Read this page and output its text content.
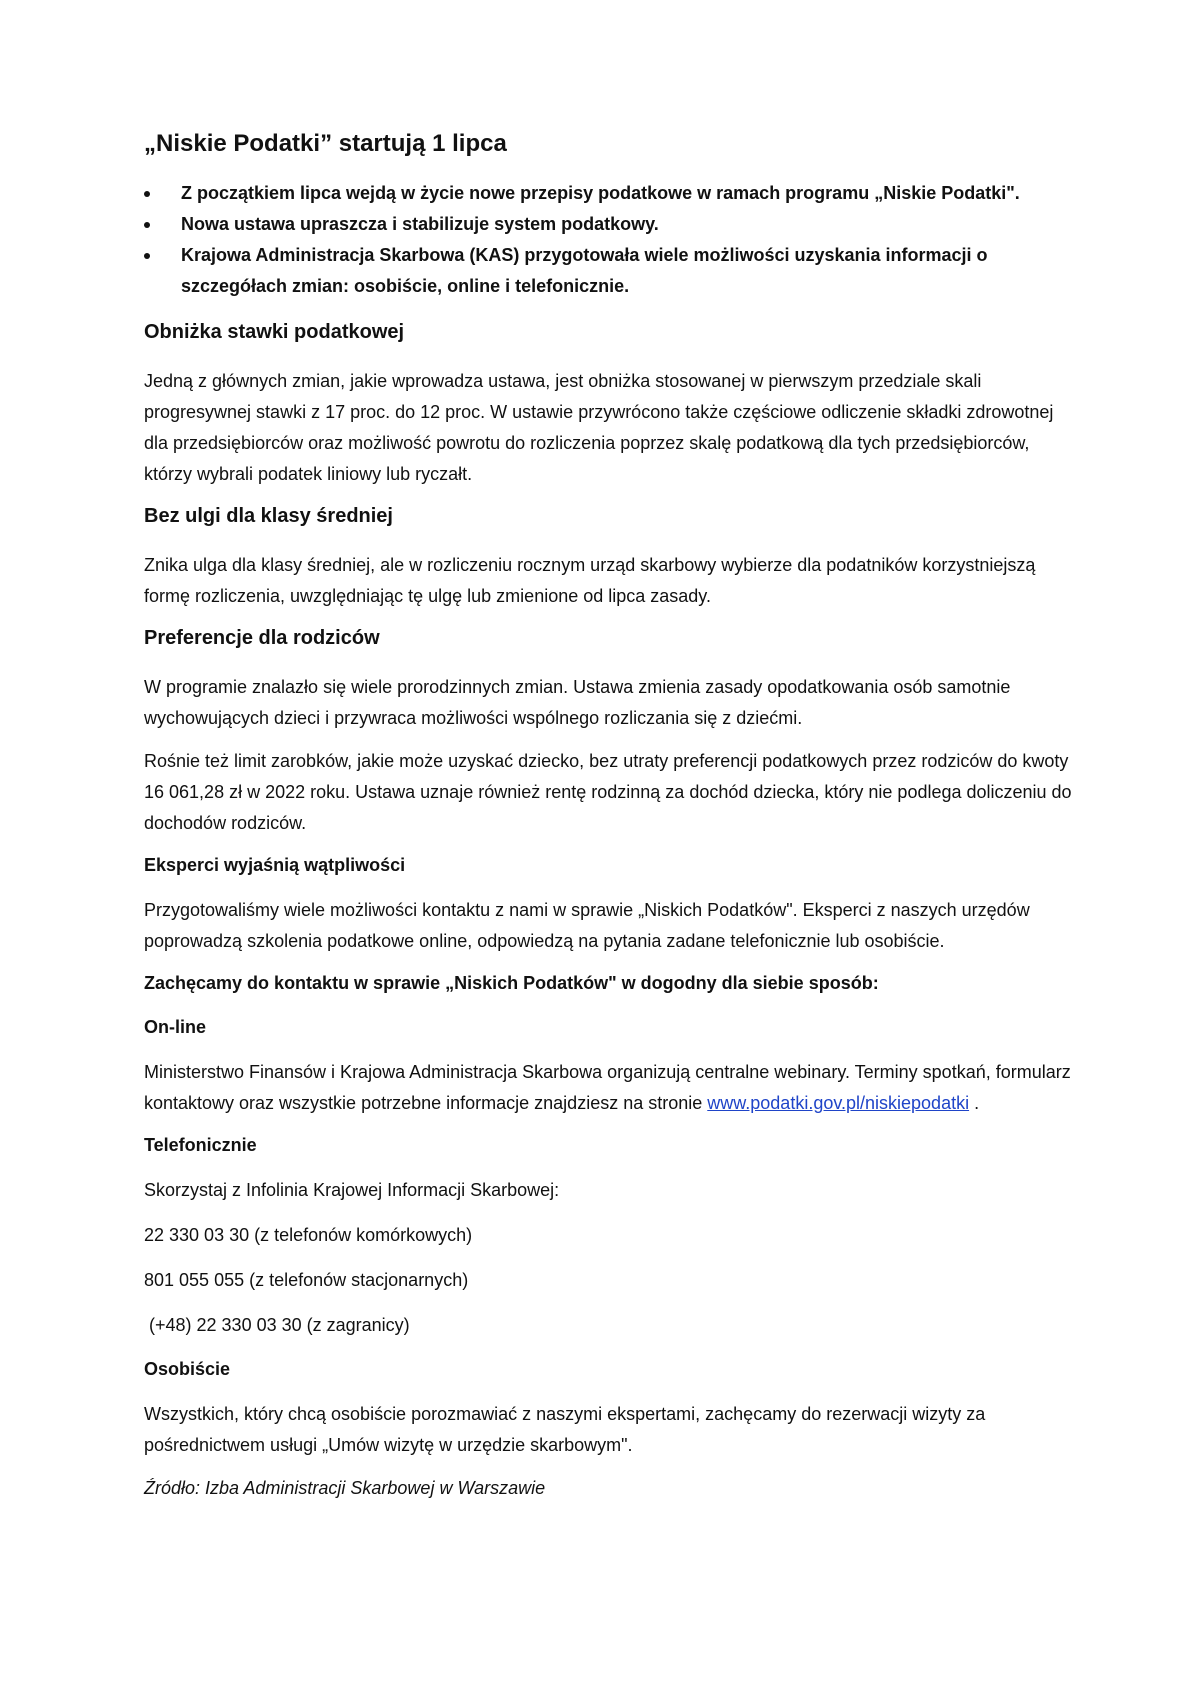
„Niskie Podatki” startują 1 lipca
Z początkiem lipca wejdą w życie nowe przepisy podatkowe w ramach programu „Niskie Podatki".
Nowa ustawa upraszcza i stabilizuje system podatkowy.
Krajowa Administracja Skarbowa (KAS) przygotowała wiele możliwości uzyskania informacji o szczegółach zmian: osobiście, online i telefonicznie.
Obniżka stawki podatkowej

Jedną z głównych zmian, jakie wprowadza ustawa, jest obniżka stosowanej w pierwszym przedziale skali progresywnej stawki z 17 proc. do 12 proc. W ustawie przywrócono także częściowe odliczenie składki zdrowotnej dla przedsiębiorców oraz możliwość powrotu do rozliczenia poprzez skalę podatkową dla tych przedsiębiorców, którzy wybrali podatek liniowy lub ryczałt.

Bez ulgi dla klasy średniej

Znika ulga dla klasy średniej, ale w rozliczeniu rocznym urząd skarbowy wybierze dla podatników korzystniejszą formę rozliczenia, uwzględniając tę ulgę lub zmienione od lipca zasady.

Preferencje dla rodziców

W programie znalazło się wiele prorodzinnych zmian. Ustawa zmienia zasady opodatkowania osób samotnie wychowujących dzieci i przywraca możliwości wspólnego rozliczania się z dziećmi.

Rośnie też limit zarobków, jakie może uzyskać dziecko, bez utraty preferencji podatkowych przez rodziców do kwoty 16 061,28 zł w 2022 roku. Ustawa uznaje również rentę rodzinną za dochód dziecka, który nie podlega doliczeniu do dochodów rodziców.

Eksperci wyjaśnią wątpliwości

Przygotowaliśmy wiele możliwości kontaktu z nami w sprawie „Niskich Podatków". Eksperci z naszych urzędów poprowadzą szkolenia podatkowe online, odpowiedzą na pytania zadane telefonicznie lub osobiście.

Zachęcamy do kontaktu w sprawie „Niskich Podatków" w dogodny dla siebie sposób:
On-line

Ministerstwo Finansów i Krajowa Administracja Skarbowa organizują centralne webinary. Terminy spotkań, formularz kontaktowy oraz wszystkie potrzebne informacje znajdziesz na stronie www.podatki.gov.pl/niskiepodatki .

Telefonicznie

Skorzystaj z Infolinia Krajowej Informacji Skarbowej:

22 330 03 30 (z telefonów komórkowych)

801 055 055 (z telefonów stacjonarnych)

(+48) 22 330 03 30 (z zagranicy)

Osobiście

Wszystkich, który chcą osobiście porozmawiać z naszymi ekspertami, zachęcamy do rezerwacji wizyty za pośrednictwem usługi „Umów wizytę w urzędzie skarbowym".

Źródło: Izba Administracji Skarbowej w Warszawie
